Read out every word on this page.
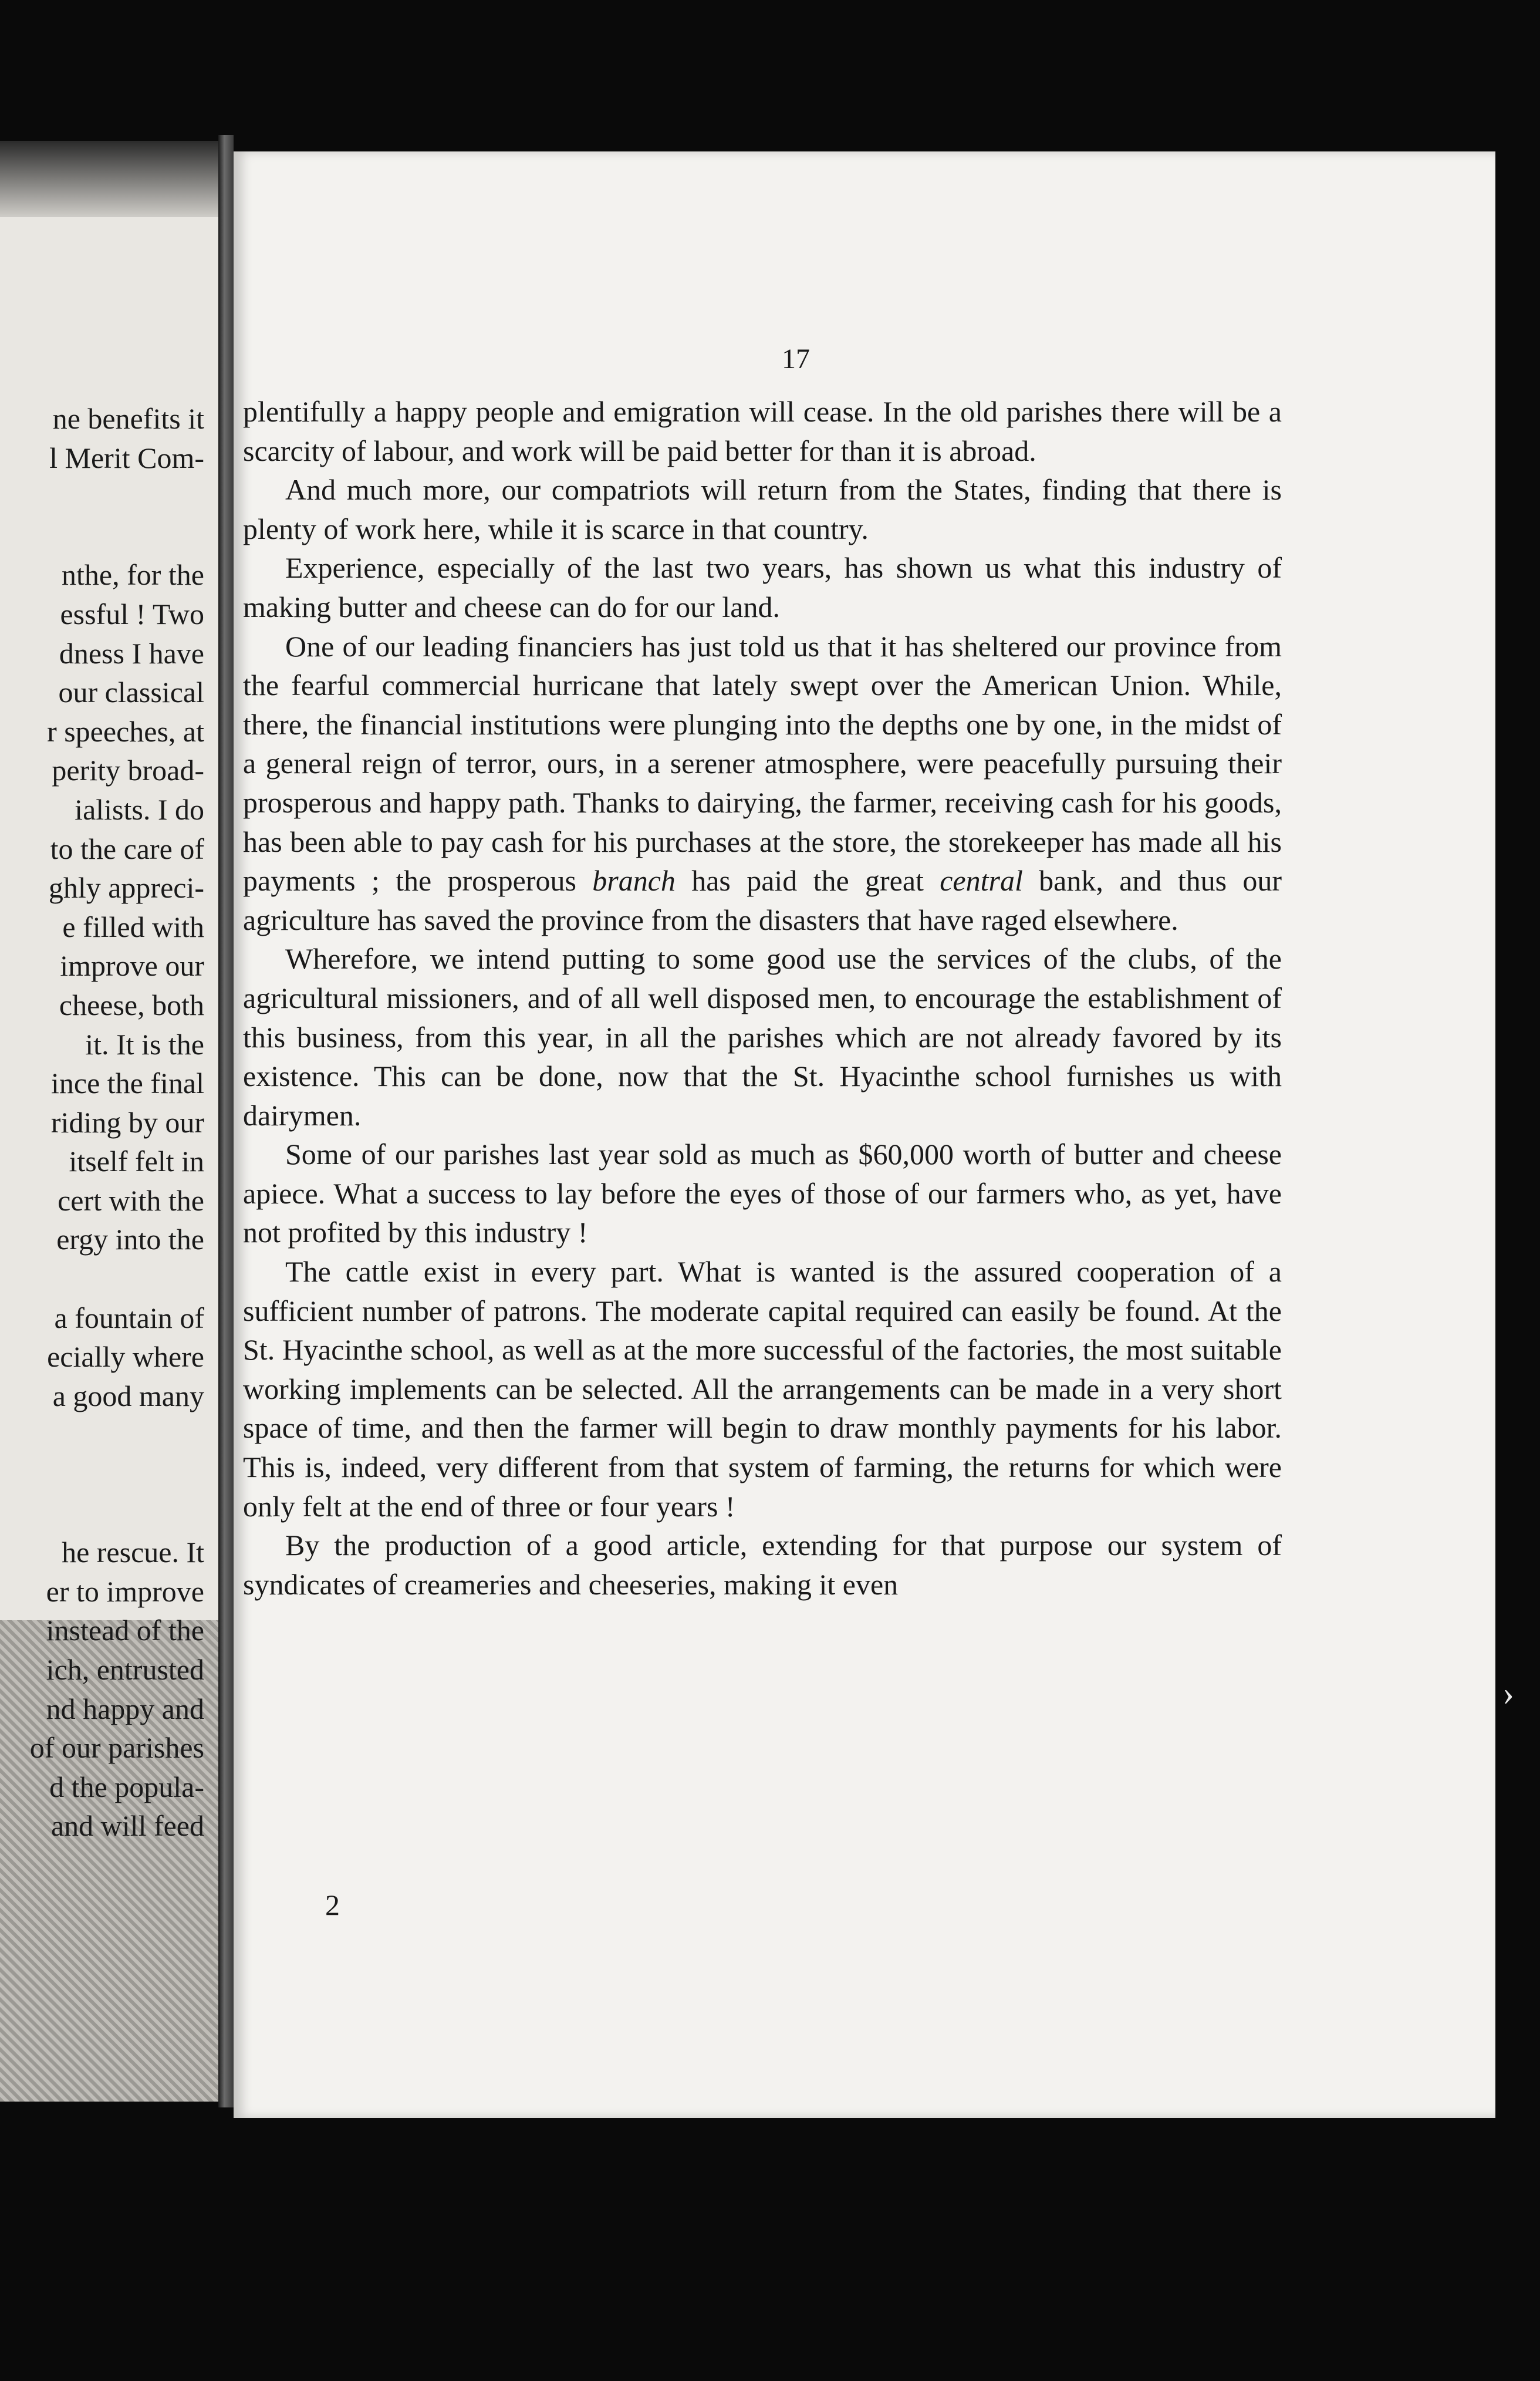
ne benefits it
l Merit Com-
nthe, for the
essful ! Two
dness I have
our classical
r speeches, at
perity broad-
ialists. I do
to the care of
ghly appreci-
e filled with
improve our
cheese, both
it. It is the
ince the final
riding by our
itself felt in
cert with the
ergy into the
a fountain of
ecially where
a good many
he rescue. It
er to improve
instead of the
ich, entrusted
nd happy and
of our parishes
d the popula-
and will feed
17

plentifully a happy people and emigration will cease. In the old parishes there will be a scarcity of labour, and work will be paid better for than it is abroad.

And much more, our compatriots will return from the States, finding that there is plenty of work here, while it is scarce in that country.

Experience, especially of the last two years, has shown us what this industry of making butter and cheese can do for our land.

One of our leading financiers has just told us that it has sheltered our province from the fearful commercial hurricane that lately swept over the American Union. While, there, the financial institutions were plunging into the depths one by one, in the midst of a general reign of terror, ours, in a serener atmosphere, were peacefully pursuing their prosperous and happy path. Thanks to dairying, the farmer, receiving cash for his goods, has been able to pay cash for his purchases at the store, the storekeeper has made all his payments ; the prosperous branch has paid the great central bank, and thus our agriculture has saved the province from the disasters that have raged elsewhere.

Wherefore, we intend putting to some good use the services of the clubs, of the agricultural missioners, and of all well disposed men, to encourage the establishment of this business, from this year, in all the parishes which are not already favored by its existence. This can be done, now that the St. Hyacinthe school furnishes us with dairymen.

Some of our parishes last year sold as much as $60,000 worth of butter and cheese apiece. What a success to lay before the eyes of those of our farmers who, as yet, have not profited by this industry !

The cattle exist in every part. What is wanted is the assured cooperation of a sufficient number of patrons. The moderate capital required can easily be found. At the St. Hyacinthe school, as well as at the more successful of the factories, the most suitable working implements can be selected. All the arrangements can be made in a very short space of time, and then the farmer will begin to draw monthly payments for his labor. This is, indeed, very different from that system of farming, the returns for which were only felt at the end of three or four years !

By the production of a good article, extending for that purpose our system of syndicates of creameries and cheeseries, making it even

2
›
